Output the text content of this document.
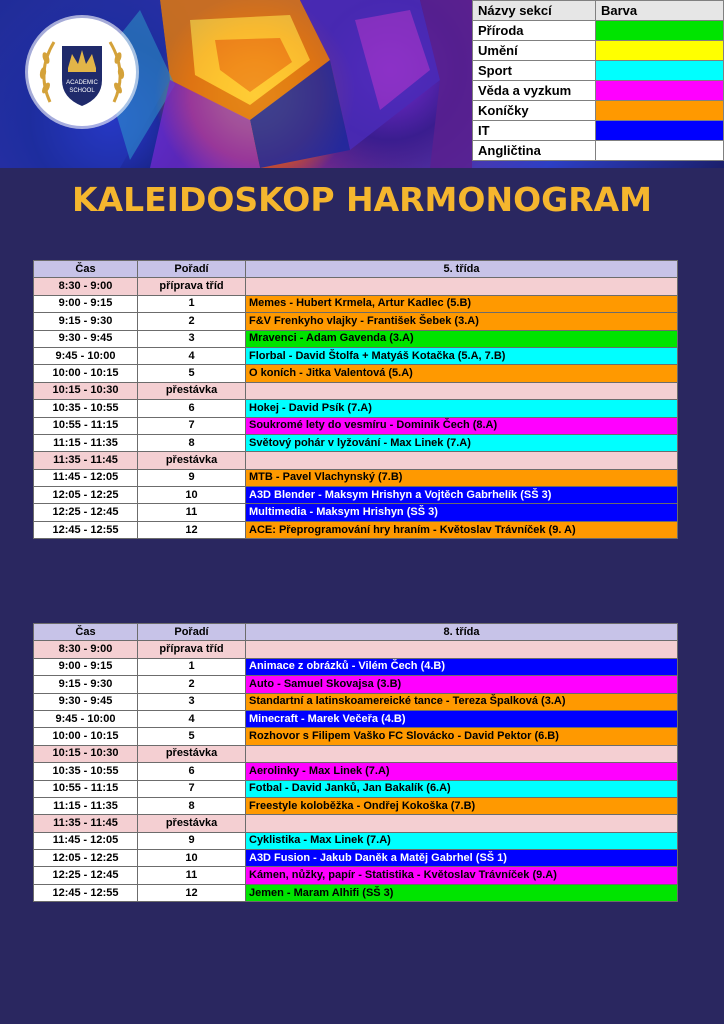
ACADEMIC
SCHOOL
Názvy sekcí	Barva
Příroda	
Umění	
Sport	
Věda a vyzkum	
Koníčky	
IT	
Angličtina	
KALEIDOSKOP HARMONOGRAM
Čas	Pořadí	5. třída
8:30 - 9:00	příprava tříd	
9:00 - 9:15	1	Memes - Hubert Krmela, Artur Kadlec (5.B)
9:15 - 9:30	2	F&V Frenkyho vlajky - František Šebek (3.A)
9:30 - 9:45	3	Mravenci - Adam Gavenda (3.A)
9:45 - 10:00	4	Florbal - David Štolfa + Matyáš Kotačka (5.A, 7.B)
10:00 - 10:15	5	O koních - Jitka Valentová (5.A)
10:15 - 10:30	přestávka	
10:35 - 10:55	6	Hokej - David Psík (7.A)
10:55 - 11:15	7	Soukromé lety do vesmíru - Dominik Čech (8.A)
11:15 - 11:35	8	Světový pohár v lyžování - Max Linek (7.A)
11:35 - 11:45	přestávka	
11:45 - 12:05	9	MTB - Pavel Vlachynský (7.B)
12:05 - 12:25	10	A3D Blender - Maksym Hrishyn a Vojtěch Gabrhelík (SŠ 3)
12:25 - 12:45	11	Multimedia - Maksym Hrishyn (SŠ 3)
12:45 - 12:55	12	ACE: Přeprogramování hry hraním - Květoslav Trávníček (9. A)
Čas	Pořadí	8. třída
8:30 - 9:00	příprava tříd	
9:00 - 9:15	1	Animace z obrázků - Vilém Čech (4.B)
9:15 - 9:30	2	Auto - Samuel Skovajsa (3.B)
9:30 - 9:45	3	Standartní a latinskoamereické tance - Tereza Špalková (3.A)
9:45 - 10:00	4	Minecraft - Marek Večeřa (4.B)
10:00 - 10:15	5	Rozhovor s Filipem Vaško FC Slovácko - David Pektor (6.B)
10:15 - 10:30	přestávka	
10:35 - 10:55	6	Aerolinky - Max Linek (7.A)
10:55 - 11:15	7	Fotbal - David Janků, Jan Bakalík (6.A)
11:15 - 11:35	8	Freestyle koloběžka - Ondřej Kokoška (7.B)
11:35 - 11:45	přestávka	
11:45 - 12:05	9	Cyklistika - Max Linek (7.A)
12:05 - 12:25	10	A3D Fusion - Jakub Daněk a Matěj Gabrhel (SŠ 1)
12:25 - 12:45	11	Kámen, nůžky, papír - Statistika - Květoslav Trávníček (9.A)
12:45 - 12:55	12	Jemen - Maram Alhifi (SŠ 3)
